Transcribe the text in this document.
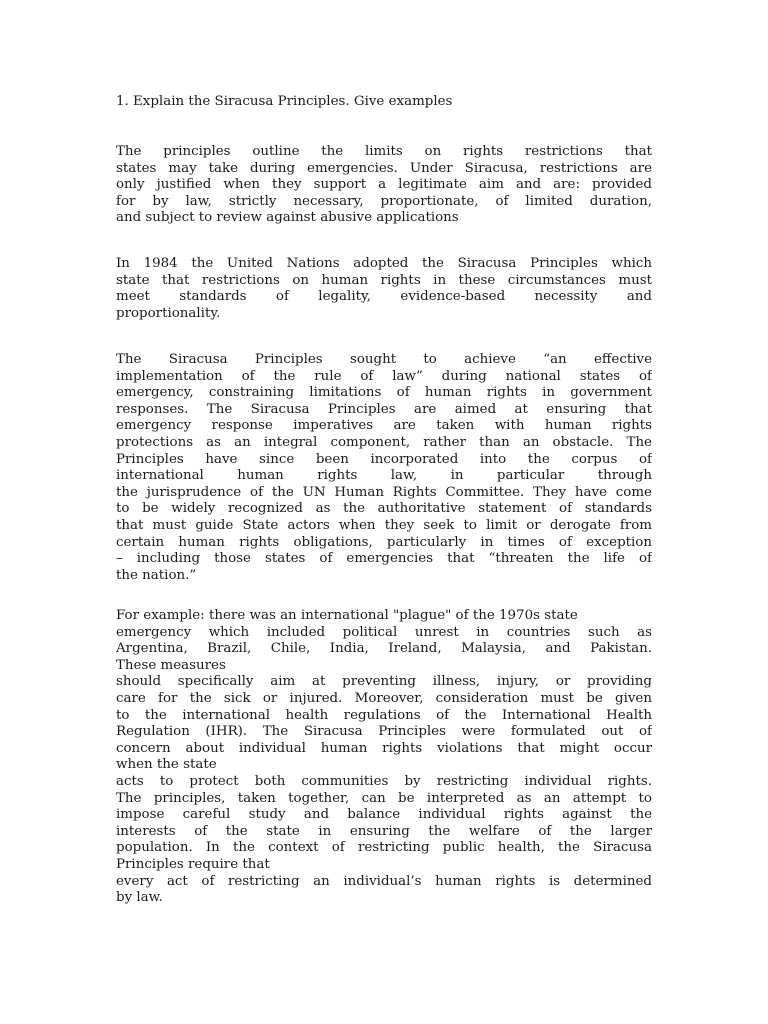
1. Explain the Siracusa Principles. Give examples
The principles outline the limits on rights restrictions that
states may take during emergencies. Under Siracusa, restrictions are
only justified when they support a legitimate aim and are: provided
for by law, strictly necessary, proportionate, of limited duration,
and subject to review against abusive applications
In 1984 the United Nations adopted the Siracusa Principles which
state that restrictions on human rights in these circumstances must
meet standards of legality, evidence-based necessity and
proportionality.
The Siracusa Principles sought to achieve “an effective
implementation of the rule of law” during national states of
emergency, constraining limitations of human rights in government
responses. The Siracusa Principles are aimed at ensuring that
emergency response imperatives are taken with human rights
protections as an integral component, rather than an obstacle. The
Principles have since been incorporated into the corpus of
international human rights law, in particular through
the jurisprudence of the UN Human Rights Committee. They have come
to be widely recognized as the authoritative statement of standards
that must guide State actors when they seek to limit or derogate from
certain human rights obligations, particularly in times of exception
– including those states of emergencies that “threaten the life of
the nation.”
For example: there was an international "plague" of the 1970s state
emergency which included political unrest in countries such as
Argentina, Brazil, Chile, India, Ireland, Malaysia, and Pakistan.
These measures
should specifically aim at preventing illness, injury, or providing
care for the sick or injured. Moreover, consideration must be given
to the international health regulations of the International Health
Regulation (IHR). The Siracusa Principles were formulated out of
concern about individual human rights violations that might occur
when the state
acts to protect both communities by restricting individual rights.
The principles, taken together, can be interpreted as an attempt to
impose careful study and balance individual rights against the
interests of the state in ensuring the welfare of the larger
population. In the context of restricting public health, the Siracusa
Principles require that
every act of restricting an individual’s human rights is determined
by law.
